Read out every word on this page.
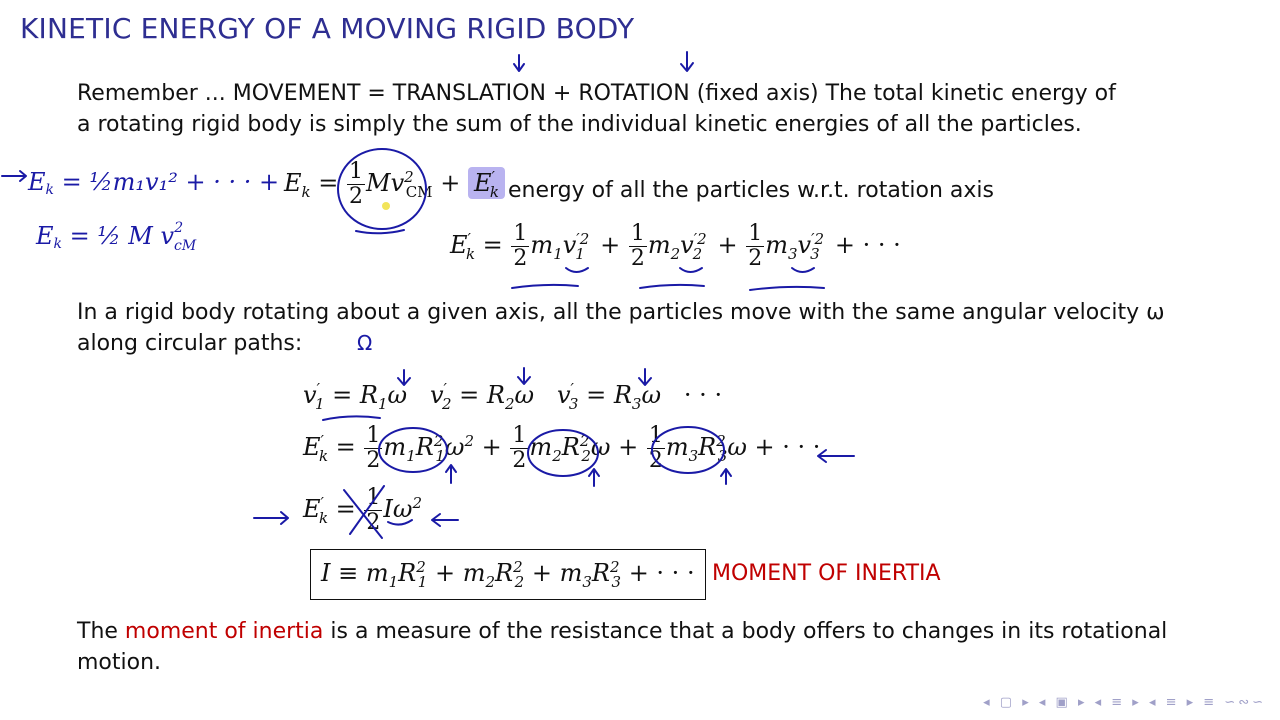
KINETIC ENERGY OF A MOVING RIGID BODY
Remember ... MOVEMENT = TRANSLATION + ROTATION (fixed axis) The total kinetic energy of
a rotating rigid body is simply the sum of the individual kinetic energies of all the particles.
$E_k = \frac{1}{2} Mv^2_{CM} + E'_k$ energy of all the particles w.r.t. rotation axis
$E'_k = \frac{1}{2} m_1v^{'2}_1 + \frac{1}{2} m_2v^{'2}_2 + \frac{1}{2} m_3v^{'2}_3$  + · · ·
In a rigid body rotating about a given axis, all the particles move with the same angular velocity ω
along circular paths:
$v'_1 = R_1\omega$   $v'_2 = R_2\omega$   $v'_3 = R_3\omega$   · · ·
$E'_k = \frac{1}{2} m_1R^2_1\omega^2 + \frac{1}{2} m_2R^2_2\omega + \frac{1}{2} m_3R^2_3\omega$ + · · ·
$E'_k = \frac{1}{2} I\omega^2$
$I \equiv m_1R^2_1 + m_2R^2_2 + m_3R^2_3$ + · · · MOMENT OF INERTIA
The moment of inertia is a measure of the resistance that a body offers to changes in its rotational
motion.
◂ ▢ ▸ ◂ ▣ ▸ ◂ ≡ ▸ ◂ ≡ ▸ ≡ ∽∾∽
Ek = ½m₁v₁² + · · · +
Ek = ½ M $v_{cM}2$
Ω
